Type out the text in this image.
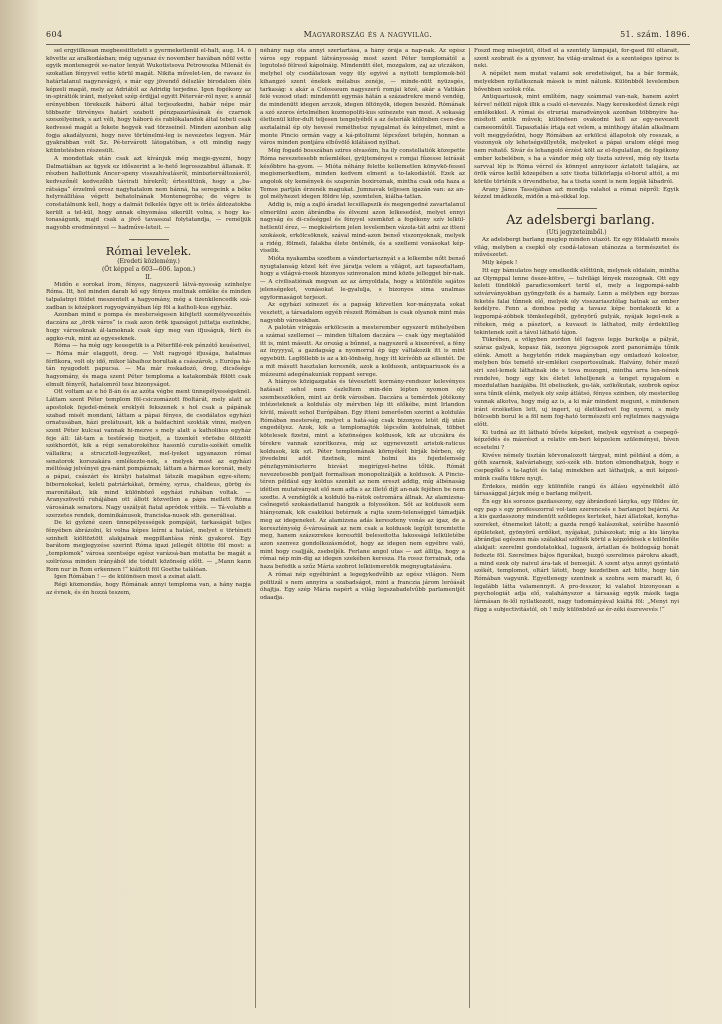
604	Magyarország és a nagyvilág.	51. szám. 1896.

sel ergyiilkosan megbeesiittetett s gyermeketlenül el-halt, aug. 14. ő követte az aralkodásban; még ugyanaz év november havában nőül vette egyik montenegrói se-nator lenyát Wukotistsova Petrowszka Milenát és szokatlan fényyvel vette körül magát. Nikita művelet-len, de ravasz és határtalanul nagyravágyó, s már egy jövendő délszláv birodalom élén képzeli magát, mely az Adriától az Adridig terjedne. Igen fogékony az in-spirátiók iránt, melyeket szép érdijjal egyitt Pétervár-ról nyer, s annál erényebben törekszik háború által terjeszkedni, habár népe már többször törvényes határt szabott pénzpazarlásának és czarnok szeszélyeinek, s azt véli, hogy háború és rablókalandok által tebeti csak kedvessé magát a fekete hegyek vad törzseinél. Minden azonban alig fogja akadályozni, hogy neve történelmi-leg is nevezetes legyen. Már gyakrabban volt Sz. Pé-tervárott látogatóban, s ott mindig nagy kitüntetésben részesült.

A mondottak után csak azt kívánjuk még megje-gyezni, hogy Dalmatiában az ügyek ez időszerint a le-hető legrosszabbul állanak. E részben hallottunk Ancer-speny visszahívatásról, miniszterváltozásról, kedvezőnél kedvezőbb távirati hírekről; értesültünk, hogy a „ba-rátsága“ érzelmű orosz nagyhatalom nem bánná, ha seregeink a béke helyreállítása végett behatolnának Montenegróba; de végre is constatálnunk kell, hogy a dalmát felkelés ügye ott is örlés áldozatokba került a tel-kül, hogy annak elnyomása sikerült volna, s hogy ka-tonaságunk, majd csak a jövő tavasszal folytatandja, — reméljük nagyobb eredménnyel — hadműve-leteit. —

Római levelek.

(Eredeti közlemény.)

(Öt képpel a 603—606. lapon.)

II.

Midőn e sorokat írom, fényes, nagyszerű látvá-nyosság szinhelye Róma. Itt, hol minden darab kő egy fényes multnak emléke és minden talpalatnyi földet meszentelt a hagyomány, még a tizenkilencedik szá-zadban is középkori rogyogványában lép föl a katholi-kus egyház.

Azonban mind e pompa és mesterségesen kifejtett személyveszétés daczára az „örök város“ is csak azon örök igazságot juttatja eszünkbe, hogy városoknak ál-lamoknak csak úgy meg van ifjuságuk, férfi és aggko-ruk, mint az egyeseknek.

Róma — ha még ugy keuegetik is a Péterfillé-rek pénzétő keuéseivel, — Róma már elaggott, öreg. — Volt ragyogó ifjusága, hatalmas férfikora, volt oly idő, mikor lábaihoz borultak a császárok, s Európa há-tán nyugodott papucsa. — Ma már roskadozó, öreg, dicsősége hagyomány, és maga szent Péter temploma a katakombák fölött csak elmult fényről, hatalomról tesz bizonyságot.

Ott voltam az e hó 8-án és az azóta végbe ment ünnepélyességeknél. Láttam szent Péter templom föl-csiczomázott föoltárát, mely alatt az apostolok fejedel-mének ereklyéi fekszenek s hol csak a pápának szabad misét mondani, láttam a pápai fényes, de csodálatos egyházi ornatusában, házi prelátusait, kik a baldachint szokták vinni, melyen szent Péter kulcsai vannak hi-mezve s mely alatt a katholikus egyház feje áll: lát-tam a testőrség tisztjeit, a tizenkét vörösbe öltözött székhordót, kik a régi senatorokéhoz hasonló curulis-székét emelik vállaikra; a strucztoll-legyezőket, mel-lyeket ugyanazon római senatorok korszakára emlékezte-nek, s melyek most az egyházi méltóság jelvényei gya-nánt pompáznak; láttam a hármas koronát, mely a pápai, császári és királyi hatalmat látszik magában egye-sítem; bibornokokat, keleti patriárkákat, örmény, syrus, chaldeus, görög és maronitákat, kik mind különböző egyházi ruhában voltak. — Aranyszövetű ruhájában ott állott közvetlen a pápa mellett Róma városának senatora. Nagy uszályát fiatal apródok vitték. — Tá-volabb a szerzetes rendek, dominikánusok, franciska-nusok stb. generálisai.

De ki győzné ezen ünnepélyességek pompáját, tarkaságát teljes fényében ábrázolni, ki volna képes leírni a hatást, melyet e történeti szinhelt kiöltöztött alakjainak megpillantása rénk gyakorol. Egy barátom megjegyzése szerint Róma igazi jellegét öltötte föl most: a „templomok“ városa szentsége egész varázsá-ban mutatta be magát a szélrózsa minden irányából ide tódult közönség előtt. — „Mann kann Rom nur in Rom erkennen !“ kiáltott föl Goethe találóan.

Igen Rómában ! — de különösen most a zsinat alatt.

Régi közmondás, hogy Rómának annyi temploma van, a hány napja az évnek, és én hozzá teszem,

néhány nap óta annyi szertartása, a hány órája a nap-nak. Az egész város egy roppant látványosság most szent Péter templomától a legutolsó félreső kápolnáig. Mindenütt élet, mozgalom, zaj az utczákon, melyhel oly csodálatosan vegy üly egyivé a nyitott templomok-ból kihangzó szent énekek mélabus zenéje, — minde-nütt nyüzsgés, tarkaság: s akár a Colosseum nagyszerű romjai közé, akár a Vatikán felé vezesd utad: mindenütt egymás hátán a századrekre menő vendég, de mindenütt idegen arczok, idegen öltönyök, idegen beszéd. Rómának a szó szoros értelmében kozmopoliti-kus színezete van most. A sokaság élettenül kifor-dult teljesen tengelyéből s az ősteriák különben csen-des asztalainál ép oly hevesé reméthetsz nyugalmat és kényelmet, mint a monte Pincio ormán vagy a ká-pitoliumi lépcsőzet tetején, honnan a város minden pontjára elbűvölő kilátásod nyílhat.

Még fogadó bosszában szires olvasóim, ha ily constellatiók közepette Róma nevezetesebb műemlékei, gyüjteményei s romjai fűzesse leirását későbbre ha-gyom. — Mióta néhány felette kellemetlen könyvkö-fessel megismerkedtem, minden kedvem elment a to-lakodástól. Ezek az angolok oly kemények és szaporán boxiroznak, mintha csak oda haza a Temse partján érzenék magukat. Jumnavak teljesen igazán van: az an-gol mélyhezet idegen földre lép, szemtelen, kiálha-tatlan.

Addig is, míg a zajló áradat lecsillapszik és megengedné zavartalanul elmerülni azon ábrándba és élvezni azon lelkesedést, melyet ennyi nagyság és di-csőséggel és fényyel szemközt a fogékony szív lelkül-hetlenül érez, — megkisértem jelen levelemben vázola-tát adni az itteni szokások, erkölcsöknek, szával mind-azon benső viszonyoknak, melyek a ridég, fölmeli, falakba élete önténék, és a szellemi vonásokat kép-viselik.

Mióta nyakamba szedtem a vándortarisznyát s a lelkembe nőtt benső nyugtalanság közel két éve járatja velem a világot, azt tapasztaltam, hogy a világvá-rosok bizonyos szinvonalon mind közös jellegget bír-nak. — A civilisatiónak megvan az az árnyoldala, hogy a különféle sajátos jelenségeket, vonásokat le-gyalulja, s bizonyos sima unalmas egyformaságot terjeszt.

Az egyházi szinezet és a papság közvetlen kor-mányzata sokat vesztett, a társadalom egyéb részeit Rómában is csak olyanok mint más nagyobb városokban.

A palotán virágzás erkölcsein a mesterember egyszerü mühelyében a számai szellemei — minden tiltalom daczára — csak úgy megtalálód itt is, mint másutt. Az ország a bűnnel, a nagyszerű a kiszerével, a fény az ínyyyyal, a gazdagság a nyomorral ép úgy váltakozik itt is mint egyebütt. Legföllebb is az a kü-lönbség, hogy itt kirívóbb az ellentét. De a mit másutt hasztalan keresnék, azok a koldusok, antiquariusok és a múzeumi adegénakuniak roppant serege.

A hiányos közigazgatás és tévesztett kormány-rendszer kelevényes hatásait sehol nem észleltem min-dén lépten nyomon oly szembeszökően, mint az örök városban. Daczára a temérdek jótékony intézeteknek a koldulás oly mérvben lép itt előkébe, mint Irlandon kívül, másutt sehol Európában. Egy itteni ismerősöm szerint a koldulás Rómában mesterség, melyet a hatá-ság csak bizonyos letét díj után engedélyez. Azok, kik a templomajtók lépcsőin koldulnak, többet kötelesek fizetni, mint a közönséges koldusok, kik az utczákra és térekre vannak szorítkozva, míg az ugynevezett aristok-raticus koldusok, kik szt. Péter templomának környékét birják bérben, oly jövedelmi adót fizetnek, mint holmi kis fejedelemség pénzügyminiszterre bizvást megirígyel-hetne tőlük. Rómát nevezetesebb pontjait formalisan monopolizálják a koldusok. A Pincio-téren például egy koldus szenkít az nem ereszt addig, míg álbénaság idétlen mutatványait elő nem adta s az illető díjt an-nak fejében be nem szedte. A vendéglők a kolduló ba-rátok ostromára állnak. Az alamizsna-csőnegető szokásdatlanul hangzik a folyosókon. Sőt az koldusok sem hiányoznak, kik csakükai betérnek a rajta szem-telenséggel támadják meg az idegeneket. Az alamizsna adás kereszteny vonás az igaz, de a kereszténység ő-városának az nem csak a koldusok legújít teremtette meg, hanem százezrekes keresztül belesoitotta lakosságá lelkületébe azon szenvez gondolkozásmódot, hogy az idegen nem egyébre való, mint hogy csaljják, zsebeljék. Ferlane angol utas — azt állitja, hogy a római nép min-dig az idegen szekében keresza. Ha rossz forrainak, oda haza befedik a szűz Mária szobrot lelkiismeretök megnyugtatására.

A római nép egyébiránt a legegykedvűbb az egész világon. Nem politizál s nem annyira a szabadságot, mint a franczia járom leróását óhajtja. Egy szép Mária napért a világ legszabadelvűbb parlamentjét odaadja.

Foszd meg misejétől, öltsd el a szentély lámpáját, for-gasd föl oltárait, szent szobrait és a gyonver, ha világ-uralmat és a szentséges igérsz is neki.

A népélet nem mutat valami sok eredetiséget, ha a bár formák, melyekben nyilatkoznak mások is mint nálunk. Különbből levelemben bővebben szólok róla.

Antiquariusok, mint említém, nagy számmal van-nak, hanem azért kérve! nélkül rájok illik a csaló el-nevezés. Nagy kereskedést űznek régi emlékekkel. A római és etruriai maradványok azonban többnyire ha-misított antik művek; különösen ovakodni kell az egy-nevezett cameeoműtől. Tapasztalás írtaja ezt velem, a minthogy átalán alkalmam volt meggyőződni, hogy Rómában az erkölcsi állapotok oly rosszak, a viszonyok oly lehetségsüllyetők, melyeket a pápai uralom elégé meg nem rohatő. Sivár és lehangoló érzést költ az el-fogulatlan, de fogékony ember kebelében, s ha a vándor még oly tiszta szivvel, még oly tiszta sarvval lép is Róma vérrel és könnyel annyiszor áztatott talajára, az örök város kellő közepében a sziv tiszta túlkörlapja el-borul attól, a mi körüle történik s örvendhetsz, ha a tiszta szent is nem lopják lábadról.

Arany János Tassójában azt mondja valahol a római népről: Egyik kézzel imádkozik, midőn a má-sikkal lop.

Az adelsbergi barlang.

(Uti jegyzeteimből.)

Az adelsbergi barlang meglep minden utazót. Ez egy földalatti mesés világ, melyben a csepkő oly csodá-latosan utánozza a természetet és művészetet.

Mily képek !

Itt egy bámulatos hegy emelkedik előttünk, melynek oldalain, mintha az Olymppal lenne össze-kötve, — tulvilági lények mozognak. Ott egy keleti tündöklő paradicsomkert terül el, mely a legpompá-sabb szivárványokban gyöngyözik és a hamaly. Lenn a mélyben egy borzas feketés falai tűnnek elő, melyek oly visszariasztólag hatnak az ember kedélyre. Fenn a domboa pedig a tavasz képe bontakozik ki a legpompá-zóbbek tömkelegéből, gyönyörű gulyák, nyájak legel-nek a réteken, még a pásztort, a kuvaszt is láthatod, mily érdekülleg tekintenek szét a távol látható tájon.

Tükrében, a völgyben zordon tél fagyos lepje burkolja a pályát, száraz galyak, kopasz fák, iszonyu jégcsapok zord panorámája tűnik elénk. Amott a hegytetőn ridek magányban egy omladozó kolostor, melyben bús temető sir-emlékei csoportosulnak. Halvány, fehér mező siri szel-lemek láthatnak ide s tova mozogni, mintha arra len-nének rendelve, hogy egy kis életet lehelljenek a tenget nyugalom e mozdulatlan hazájába. Itt obeliszkek, gu-lák, szökőkutak, szobrok egész sora tűnik elénk, melyek oly szép átlátsó, fényes szinben, oly mesterileg vannak alkotva, hogy még az is, a ki már mindent megunt, s mindenen iránt érzéketlen lett, uj ingert, uj élettkedvet fog nyerni, s mely bölcsebb borul le a föl nem fog-ható természeti erő rejtelmes nagysága előtt.

Ki tudná az itt látható bűvös képeket, melyek egyrészt a csepegő-képződés és másrészt a relativ em-beri képzelem szüleményei, híven ecsetelni ?

Kivéve némely tisztán körvonalozott tárgyat, mint például a dóm, a góth szarnok, kalváriahegy, szó-szék stb. bizton elmondhatjuk, hogy e csepegőkő s ta-lagtót és talaj minekben azt láthatjuk, a mit képzel-münk csalfa tükre nyujt.

Érdekes, midőn egy különféle rangú és állásu egyénekből álló társasággal járjuk még e barlang mélyeit.

Én egy kis sorozos gazdasszony, egy ábrándozó lányka, egy földes úr, egy pap s egy professzorral vol-tam szerencsés e barlangot bejárni. Az a kis gazdasszony mindenütt szőldeges kerteket, házi állatokat, konyha-szereket, étnemeket látott; a gazda rengő kalászokat, szérűbe hasonló épületeket, gyönyörű erdőket, nyájakat, juhászokat; míg a kis lányka ábrándjai egészen más szálakkal szőtték körül a képződések e különféle alakjait: szerelmi gondolatokkal, lugasok, ártatlan és boldogság honát fedezte föl. Szerelmes bájos figurákat, buzgó szerelmes párokra akadt, a mind ezek oly naivul ára-tak el benseját. A szent atya annyi gyóntató székét, templomot, oltárt látott, hogy kezdetben azt hitte, hogy tán Rómában vagyunk. Egyetlenegy szentnek a szobra sem maradt ki, ő legalább látta valamennyit. A pro-fesszor, ki valahol bizonyosan a psychologiát adja elő, valahányszor a társaság egyik másik tagja lármásan fe-lől nyilatkozott, nagy tudományával kiáltá föl: „Menyi nyi fúgg a subjectivitástól, oh ! mily különböző az ér-zéki észrevevés !“
